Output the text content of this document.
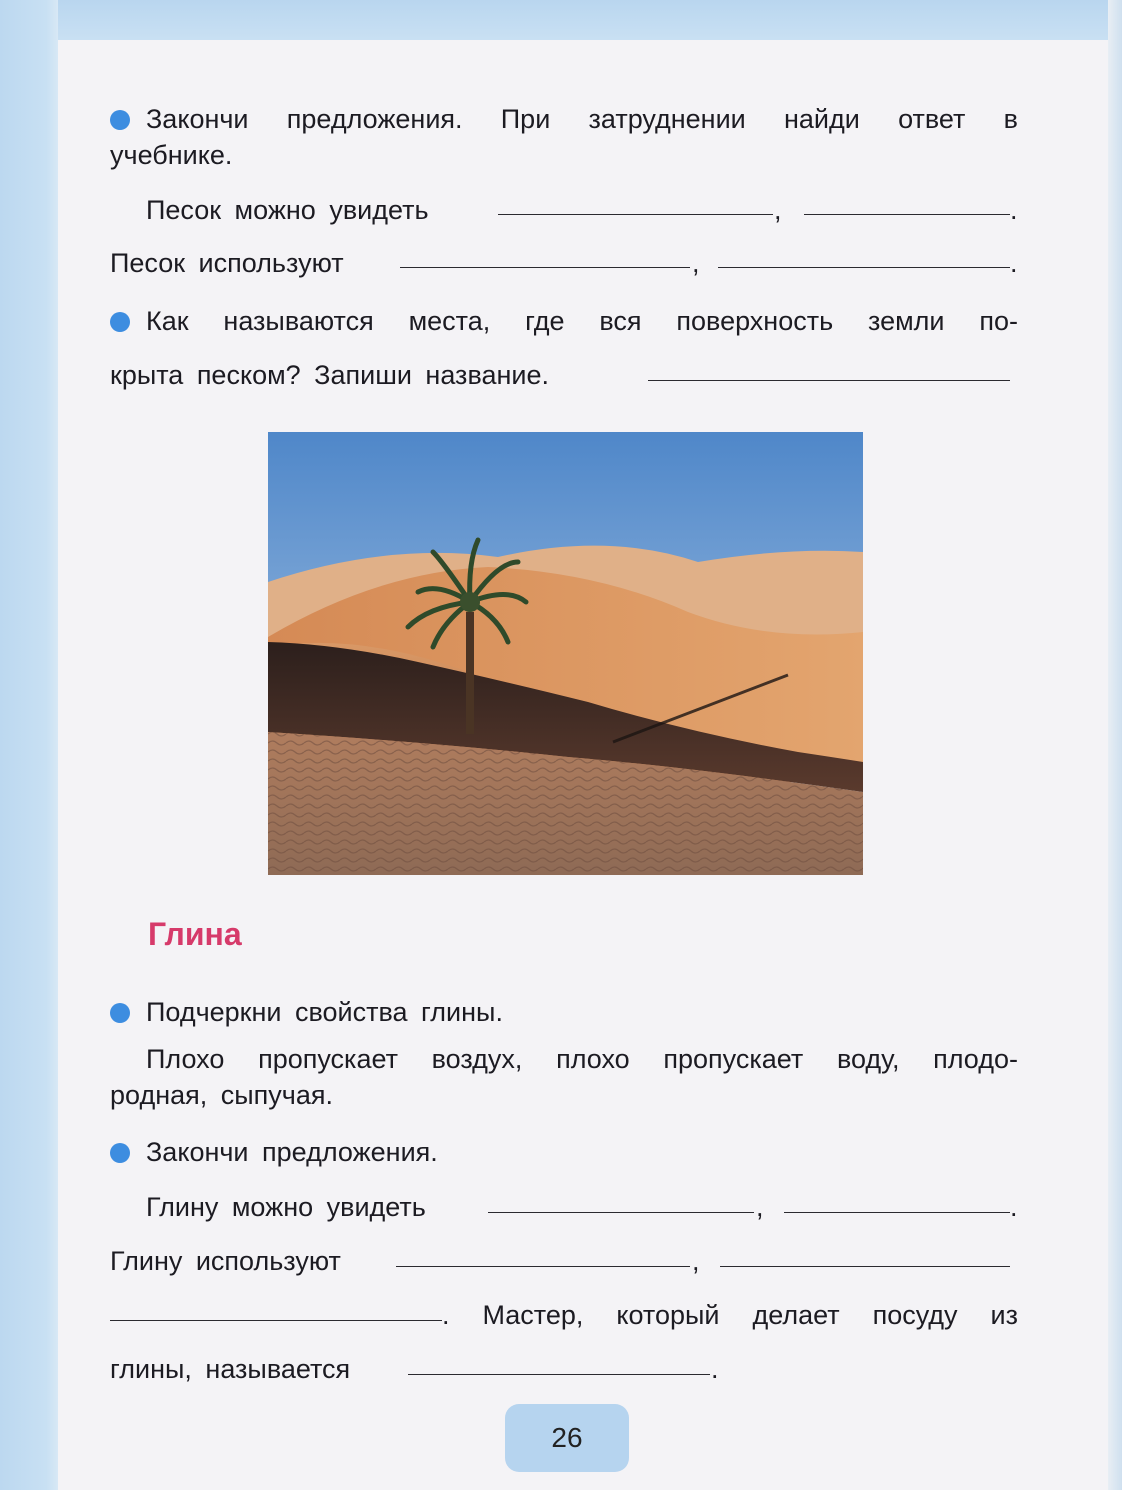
Закончи предложения. При затруднении найди ответ в
учебнике.
Песок можно увидеть	,	.
Песок используют	,	.
Как называются места, где вся поверхность земли по-
крыта песком? Запиши название.
Глина
Подчеркни свойства глины.
Плохо пропускает воздух, плохо пропускает воду, плодо-
родная, сыпучая.
Закончи предложения.
Глину можно увидеть	,	.
Глину используют	,
. Мастер, который делает посуду из
глины, называется	.
26
